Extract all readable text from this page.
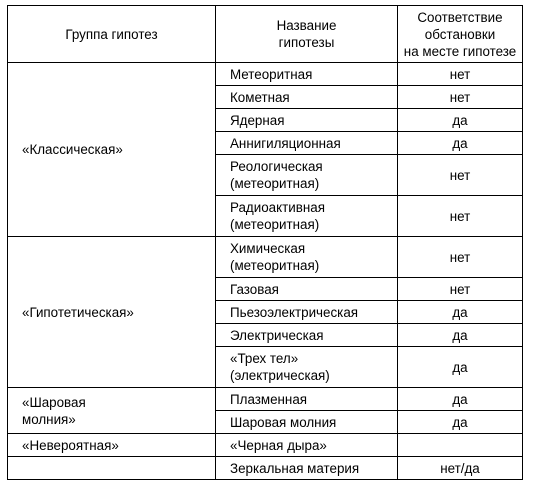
Группа гипотез	Название
гипотезы	Соответствие
обстановки
на месте гипотезе
«Классическая»	Метеоритная	нет
	Кометная	нет
	Ядерная	да
	Аннигиляционная	да
	Реологическая
(метеоритная)	нет
	Радиоактивная
(метеоритная)	нет
«Гипотетическая»	Химическая
(метеоритная)	нет
	Газовая	нет
	Пьезоэлектрическая	да
	Электрическая	да
	«Трех тел»
(электрическая)	да
«Шаровая
молния»	Плазменная	да
	Шаровая молния	да
«Невероятная»	«Черная дыра»	
	Зеркальная материя	нет/да
